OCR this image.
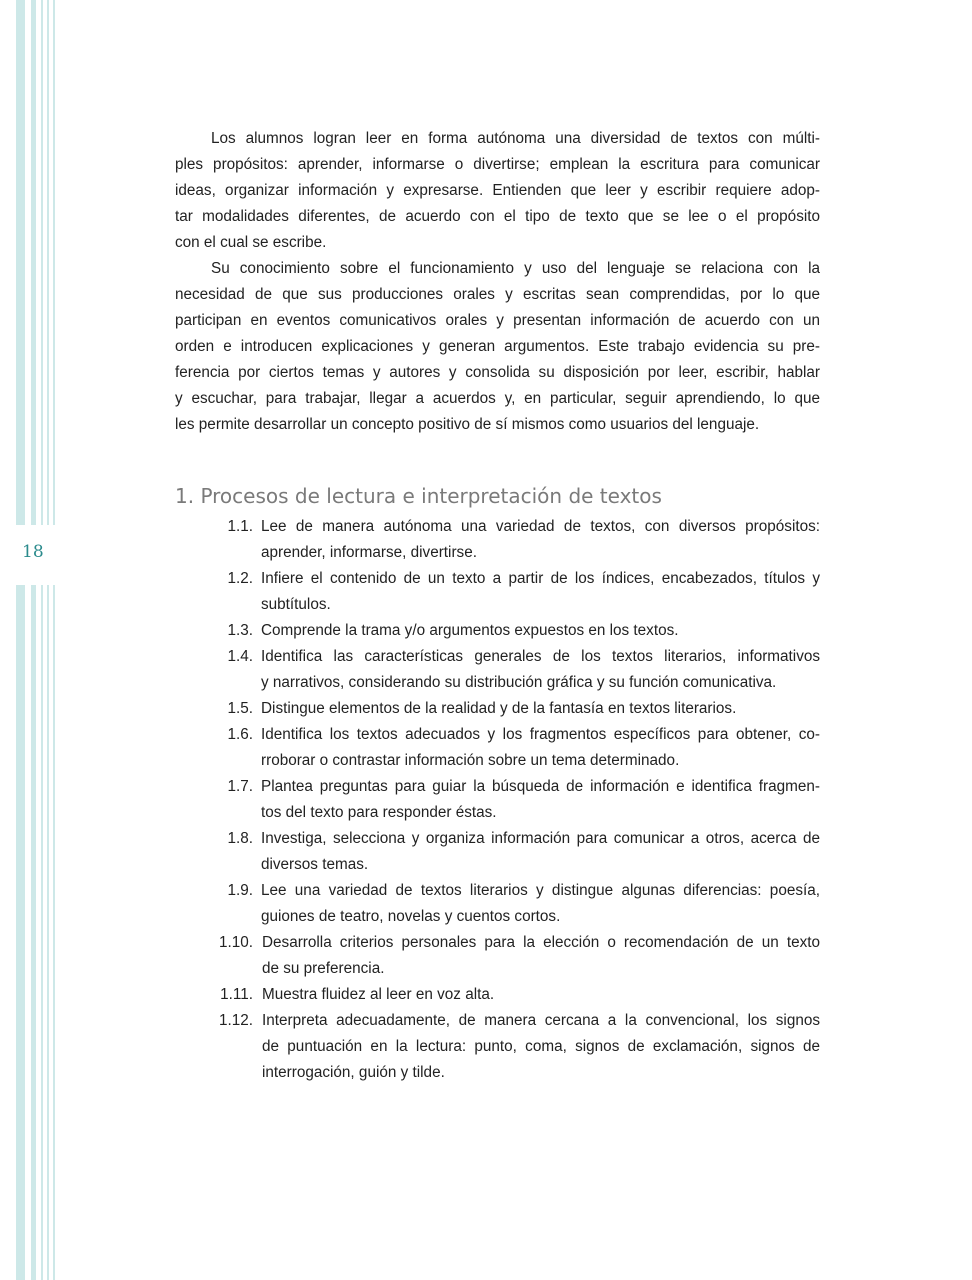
18
Los alumnos logran leer en forma autónoma una diversidad de textos con múlti-
ples propósitos: aprender, informarse o divertirse; emplean la escritura para comunicar
ideas, organizar información y expresarse. Entienden que leer y escribir requiere adop-
tar modalidades diferentes, de acuerdo con el tipo de texto que se lee o el propósito
con el cual se escribe.
Su conocimiento sobre el funcionamiento y uso del lenguaje se relaciona con la
necesidad de que sus producciones orales y escritas sean comprendidas, por lo que
participan en eventos comunicativos orales y presentan información de acuerdo con un
orden e introducen explicaciones y generan argumentos. Este trabajo evidencia su pre-
ferencia por ciertos temas y autores y consolida su disposición por leer, escribir, hablar
y escuchar, para trabajar, llegar a acuerdos y, en particular, seguir aprendiendo, lo que
les permite desarrollar un concepto positivo de sí mismos como usuarios del lenguaje.
1. Procesos de lectura e interpretación de textos
1.1. Lee de manera autónoma una variedad de textos, con diversos propósitos:
aprender, informarse, divertirse.
1.2. Infiere el contenido de un texto a partir de los índices, encabezados, títulos y
subtítulos.
1.3. Comprende la trama y/o argumentos expuestos en los textos.
1.4. Identifica las características generales de los textos literarios, informativos
y narrativos, considerando su distribución gráfica y su función comunicativa.
1.5. Distingue elementos de la realidad y de la fantasía en textos literarios.
1.6. Identifica los textos adecuados y los fragmentos específicos para obtener, co-
rroborar o contrastar información sobre un tema determinado.
1.7. Plantea preguntas para guiar la búsqueda de información e identifica fragmen-
tos del texto para responder éstas.
1.8. Investiga, selecciona y organiza información para comunicar a otros, acerca de
diversos temas.
1.9. Lee una variedad de textos literarios y distingue algunas diferencias: poesía,
guiones de teatro, novelas y cuentos cortos.
1.10. Desarrolla criterios personales para la elección o recomendación de un texto
de su preferencia.
1.11. Muestra fluidez al leer en voz alta.
1.12. Interpreta adecuadamente, de manera cercana a la convencional, los signos
de puntuación en la lectura: punto, coma, signos de exclamación, signos de
interrogación, guión y tilde.
